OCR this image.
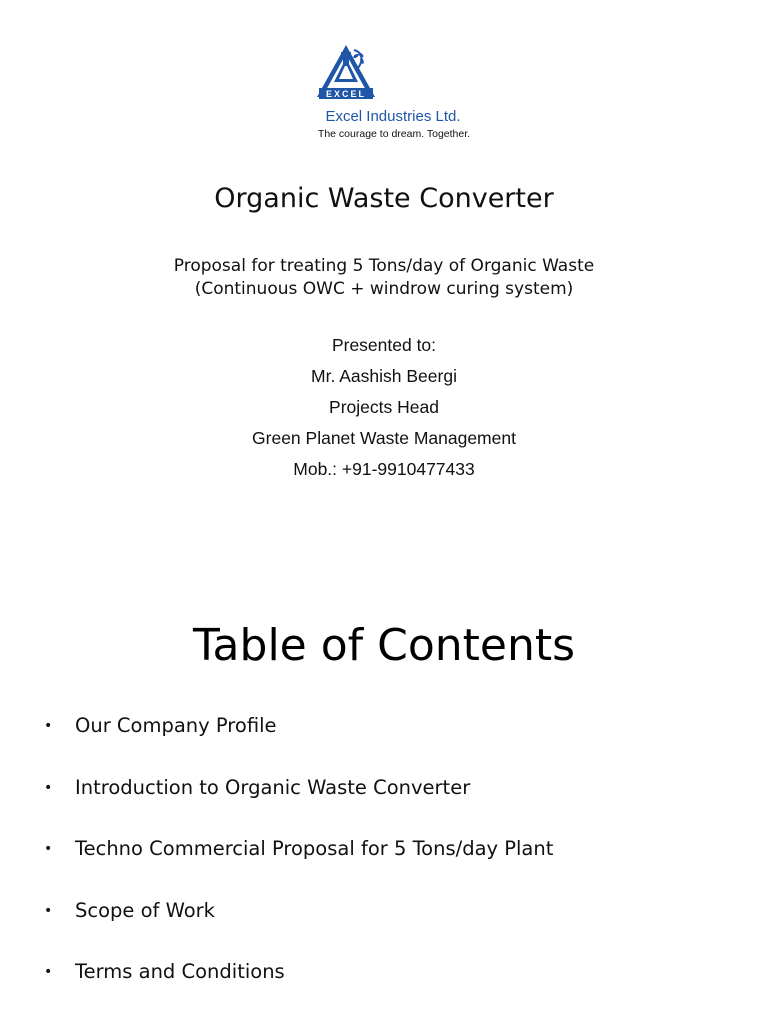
EXCEL
Excel Industries Ltd.
The courage to dream. Together.
Organic Waste Converter
Proposal for treating 5 Tons/day of Organic Waste
(Continuous OWC + windrow curing system)
Presented to:
Mr. Aashish Beergi
Projects Head
Green Planet Waste Management
Mob.: +91-9910477433
Table of Contents
•	Our Company Profile
•	Introduction to Organic Waste Converter
•	Techno Commercial Proposal for 5 Tons/day Plant
•	Scope of Work
•	Terms and Conditions
